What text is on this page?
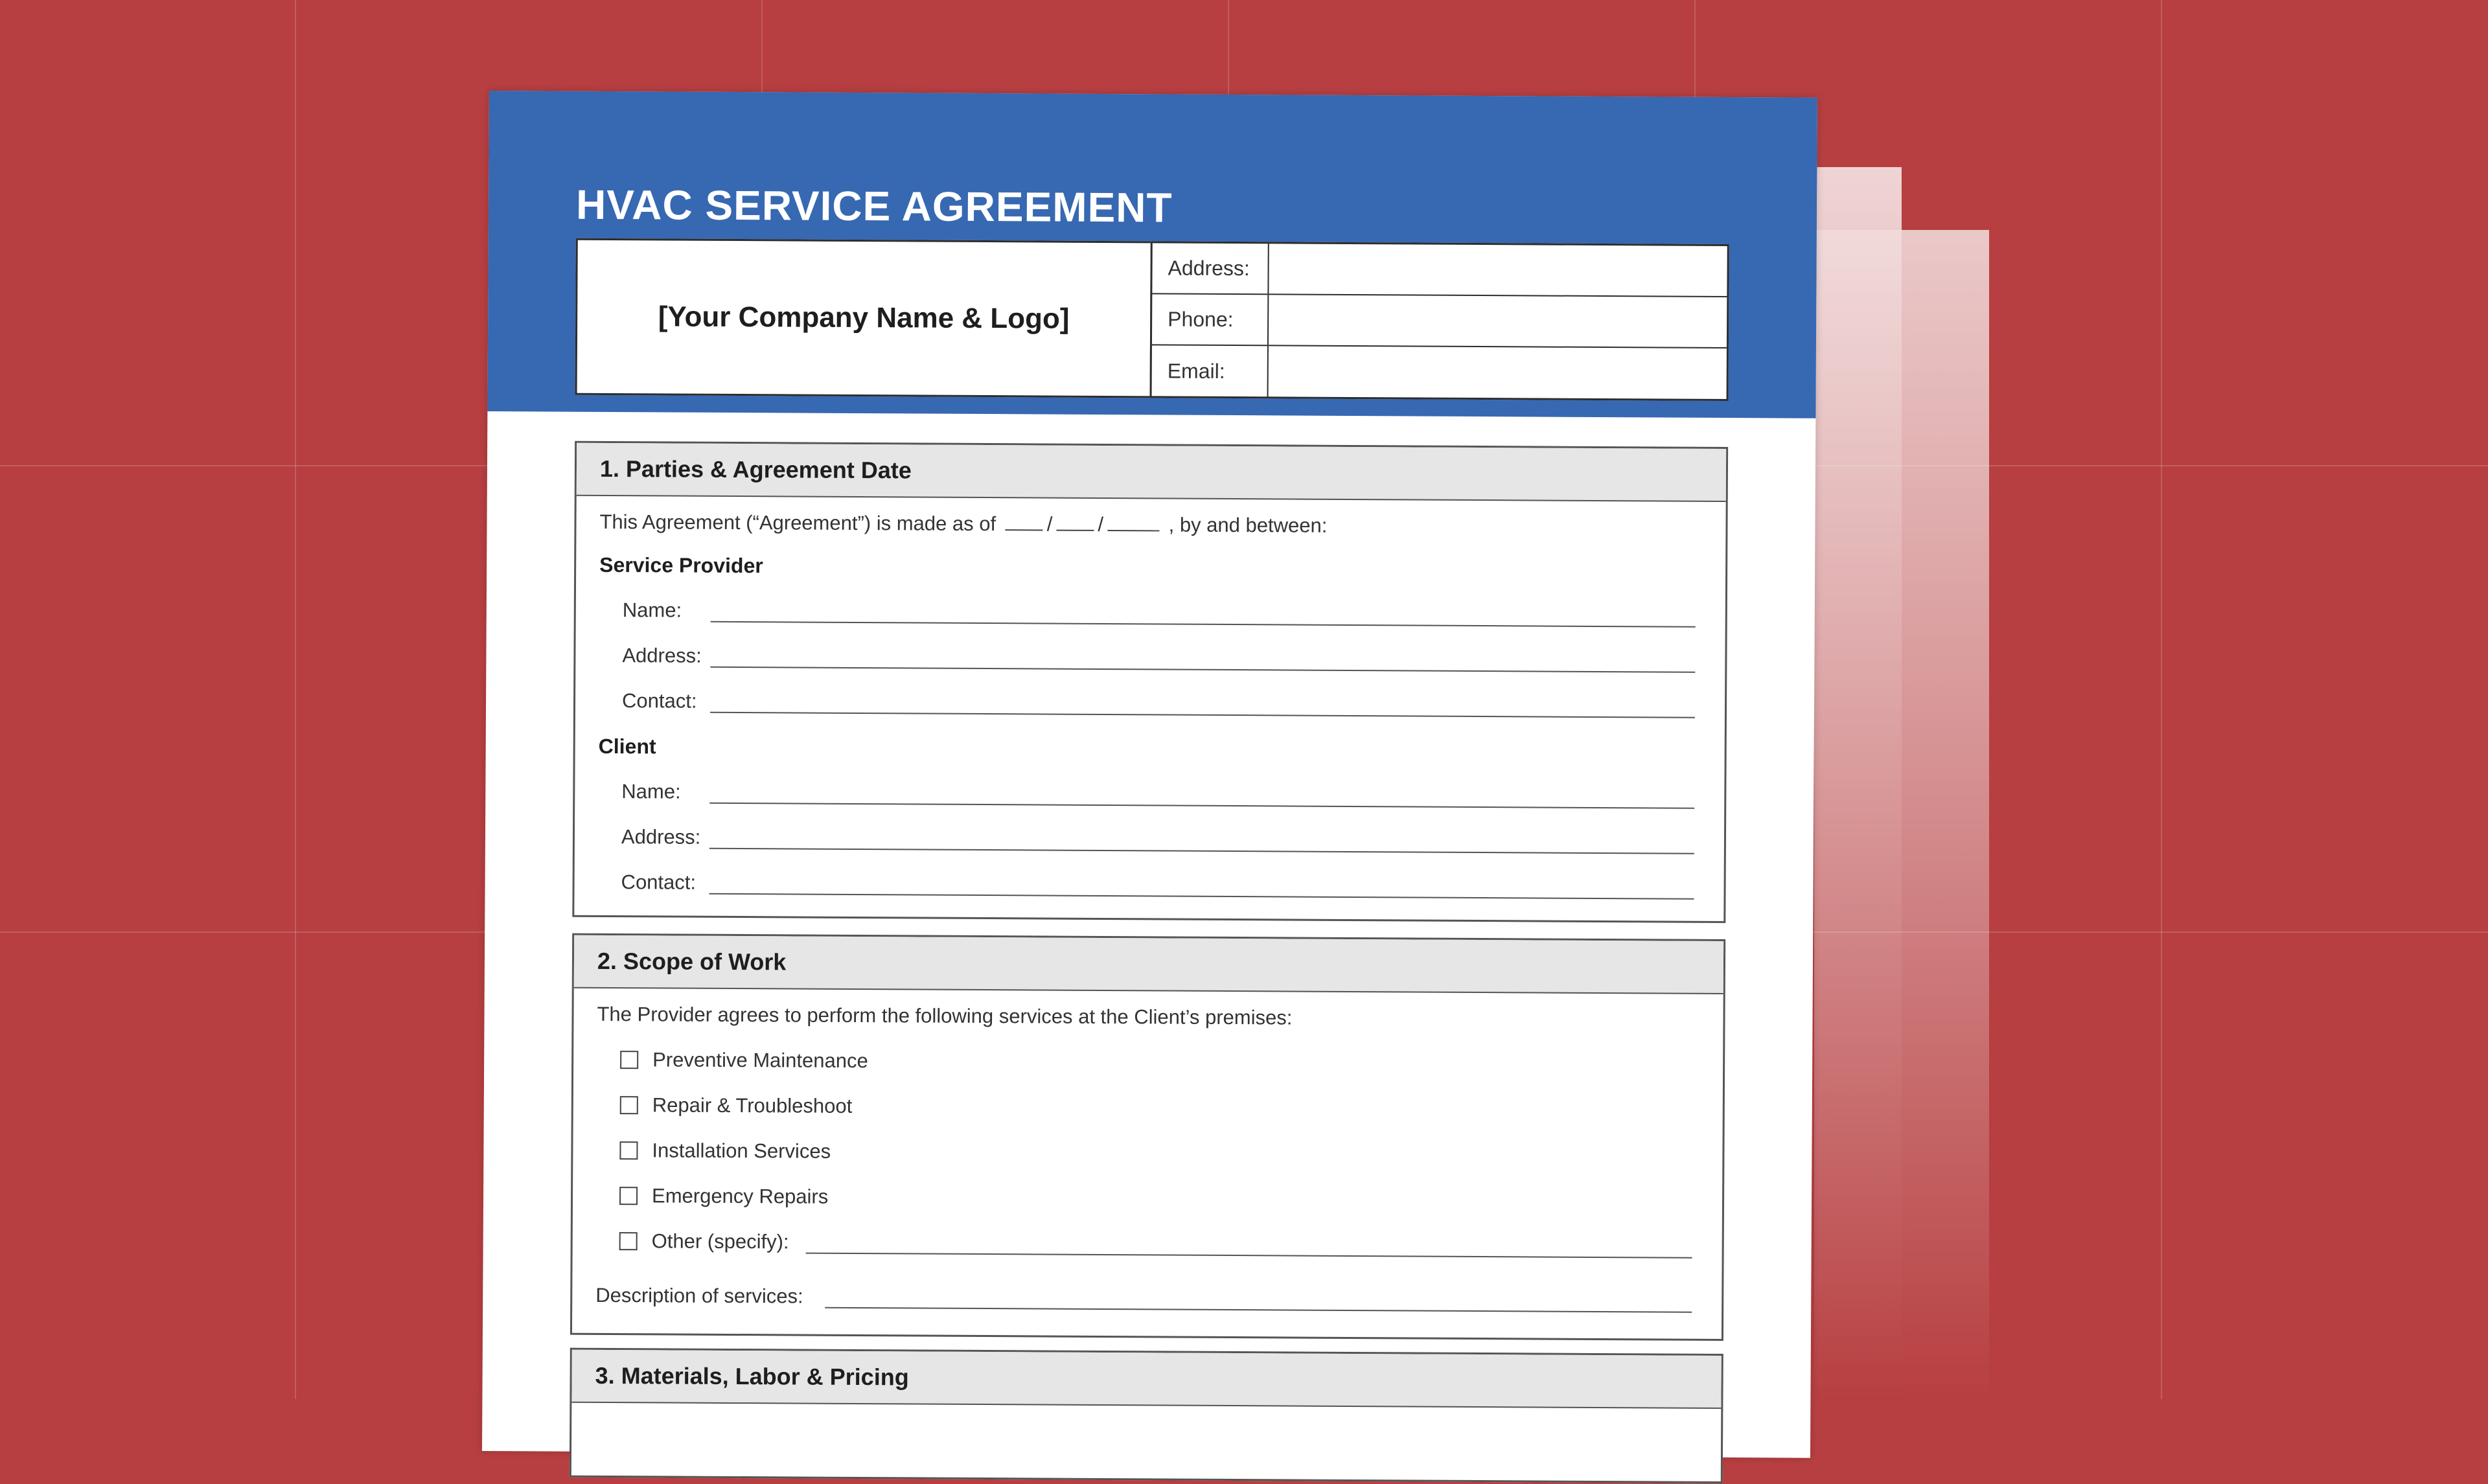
HVAC SERVICE AGREEMENT
[Your Company Name & Logo]
Address:
Phone:
Email:
1. Parties & Agreement Date
This Agreement (“Agreement”) is made as of	/ /	, by and between:
Service Provider
Name:
Address:
Contact:
Client
Name:
Address:
Contact:
2. Scope of Work
The Provider agrees to perform the following services at the Client’s premises:
Preventive Maintenance
Repair & Troubleshoot
Installation Services
Emergency Repairs
Other (specify):
Description of services:
3. Materials, Labor & Pricing
